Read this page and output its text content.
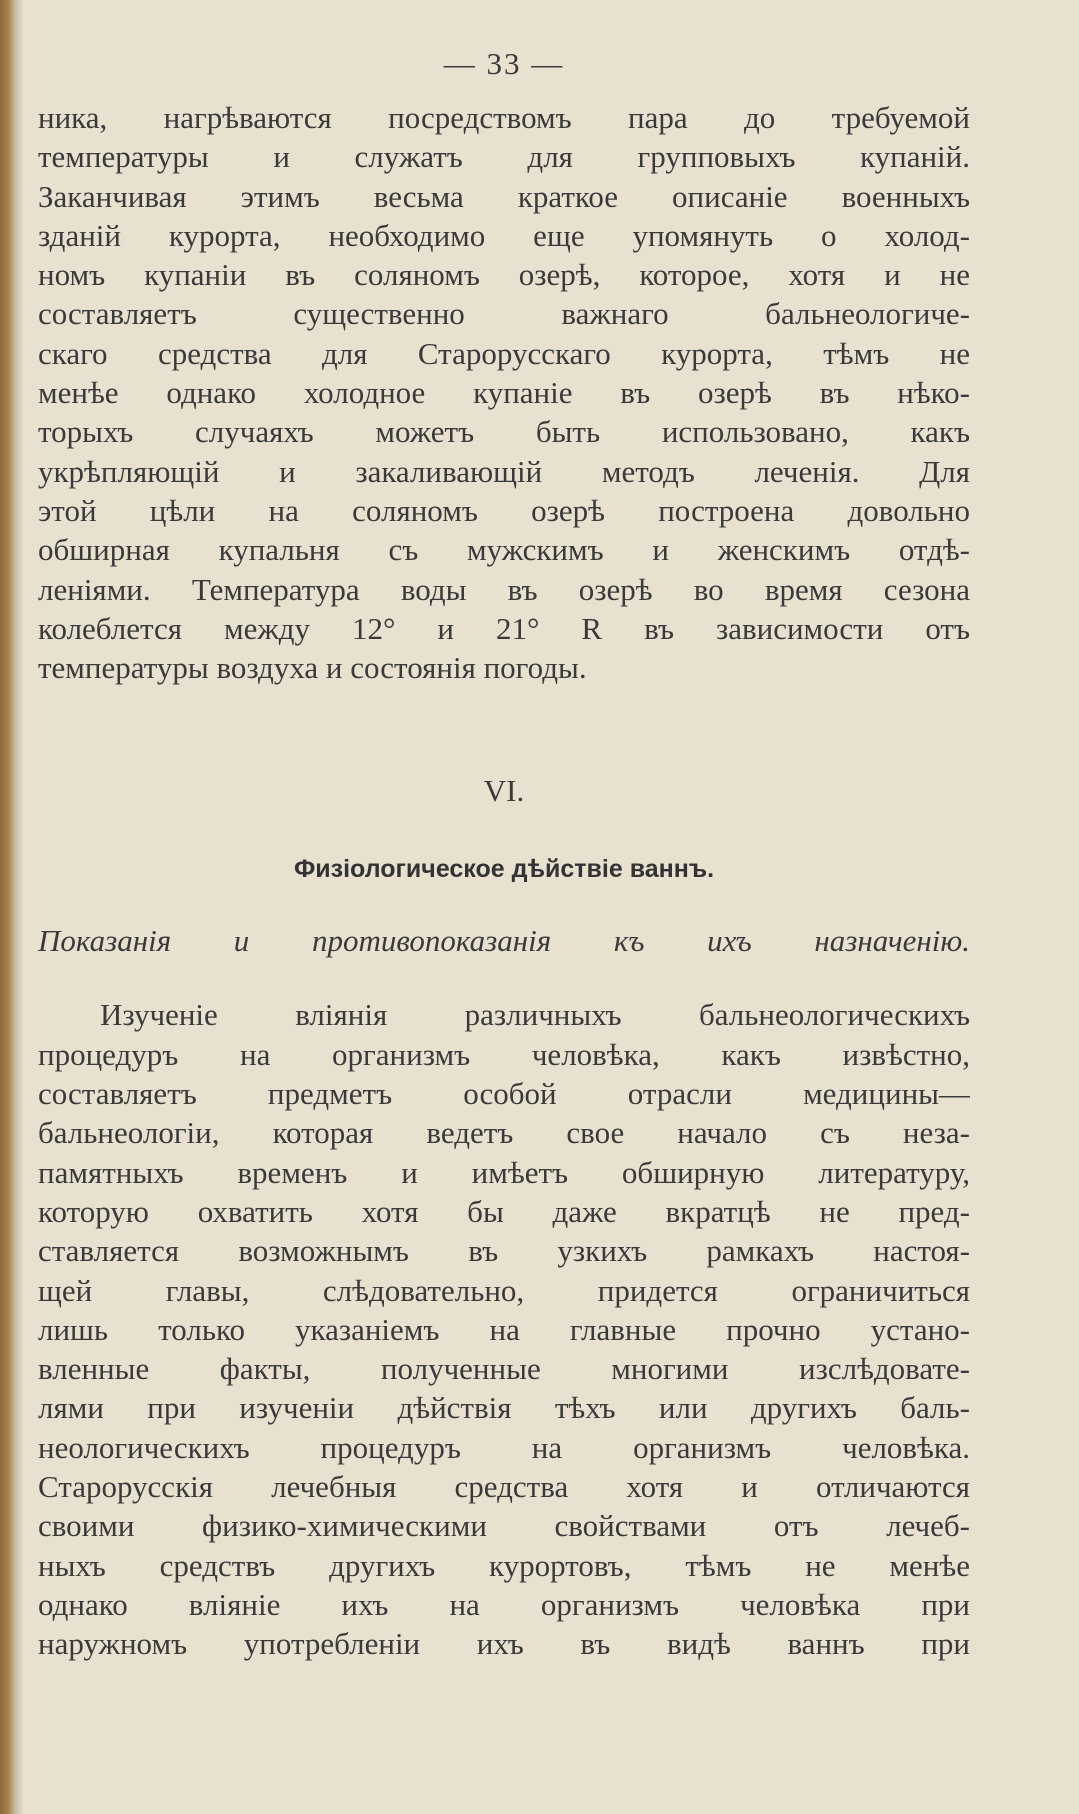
— 33 —
ника, нагрѣваются посредствомъ пара до требуемой
температуры и служатъ для групповыхъ купаній.
Заканчивая этимъ весьма краткое описаніе военныхъ
зданій курорта, необходимо еще упомянуть о холод-
номъ купаніи въ соляномъ озерѣ, которое, хотя и не
составляетъ существенно важнаго бальнеологиче-
скаго средства для Старорусскаго курорта, тѣмъ не
менѣе однако холодное купаніе въ озерѣ въ нѣко-
торыхъ случаяхъ можетъ быть использовано, какъ
укрѣпляющій и закаливающій методъ леченія. Для
этой цѣли на соляномъ озерѣ построена довольно
обширная купальня съ мужскимъ и женскимъ отдѣ-
леніями. Температура воды въ озерѣ во время сезона
колеблется между 12° и 21° R въ зависимости отъ
температуры воздуха и состоянія погоды.
VI.
Физіологическое дѣйствіе ваннъ.
Показанія и противопоказанія къ ихъ назначенію.
Изученіе вліянія различныхъ бальнеологическихъ
процедуръ на организмъ человѣка, какъ извѣстно,
составляетъ предметъ особой отрасли медицины—
бальнеологіи, которая ведетъ свое начало съ неза-
памятныхъ временъ и имѣетъ обширную литературу,
которую охватить хотя бы даже вкратцѣ не пред-
ставляется возможнымъ въ узкихъ рамкахъ настоя-
щей главы, слѣдовательно, придется ограничиться
лишь только указаніемъ на главные прочно устано-
вленные факты, полученные многими изслѣдовате-
лями при изученіи дѣйствія тѣхъ или другихъ баль-
неологическихъ процедуръ на организмъ человѣка.
Старорусскія лечебныя средства хотя и отличаются
своими физико-химическими свойствами отъ лечеб-
ныхъ средствъ другихъ курортовъ, тѣмъ не менѣе
однако вліяніе ихъ на организмъ человѣка при
наружномъ употребленіи ихъ въ видѣ ваннъ при
